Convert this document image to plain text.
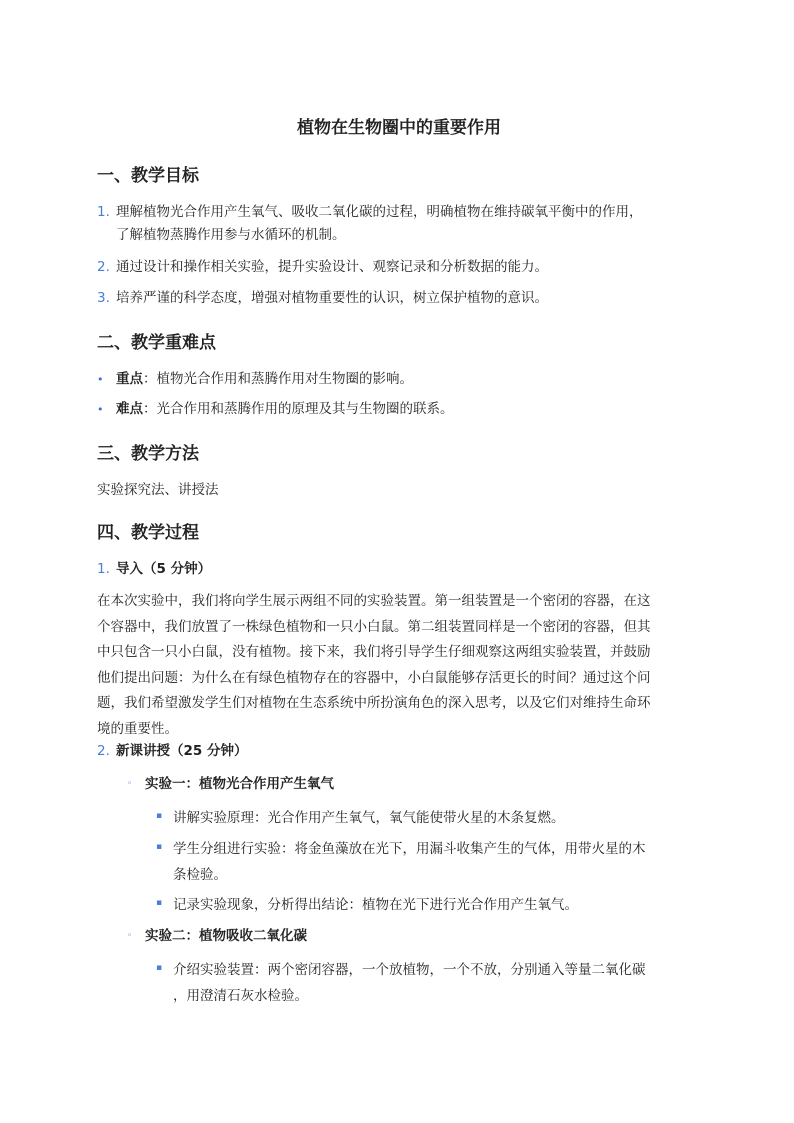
植物在生物圈中的重要作用
一、教学目标
1. 理解植物光合作用产生氧气、吸收二氧化碳的过程，明确植物在维持碳氧平衡中的作用，
了解植物蒸腾作用参与水循环的机制。
2. 通过设计和操作相关实验，提升实验设计、观察记录和分析数据的能力。
3. 培养严谨的科学态度，增强对植物重要性的认识，树立保护植物的意识。
二、教学重难点
• 重点：植物光合作用和蒸腾作用对生物圈的影响。
• 难点：光合作用和蒸腾作用的原理及其与生物圈的联系。
三、教学方法
实验探究法、讲授法
四、教学过程
1. 导入（5 分钟）
在本次实验中，我们将向学生展示两组不同的实验装置。第一组装置是一个密闭的容器，在这
个容器中，我们放置了一株绿色植物和一只小白鼠。第二组装置同样是一个密闭的容器，但其
中只包含一只小白鼠，没有植物。接下来，我们将引导学生仔细观察这两组实验装置，并鼓励
他们提出问题：为什么在有绿色植物存在的容器中，小白鼠能够存活更长的时间？通过这个问
题，我们希望激发学生们对植物在生态系统中所扮演角色的深入思考，以及它们对维持生命环
境的重要性。
2. 新课讲授（25 分钟）
◦ 实验一：植物光合作用产生氧气
▪ 讲解实验原理：光合作用产生氧气，氧气能使带火星的木条复燃。
▪ 学生分组进行实验：将金鱼藻放在光下，用漏斗收集产生的气体，用带火星的木
条检验。
▪ 记录实验现象，分析得出结论：植物在光下进行光合作用产生氧气。
◦ 实验二：植物吸收二氧化碳
▪ 介绍实验装置：两个密闭容器，一个放植物，一个不放，分别通入等量二氧化碳
，用澄清石灰水检验。
